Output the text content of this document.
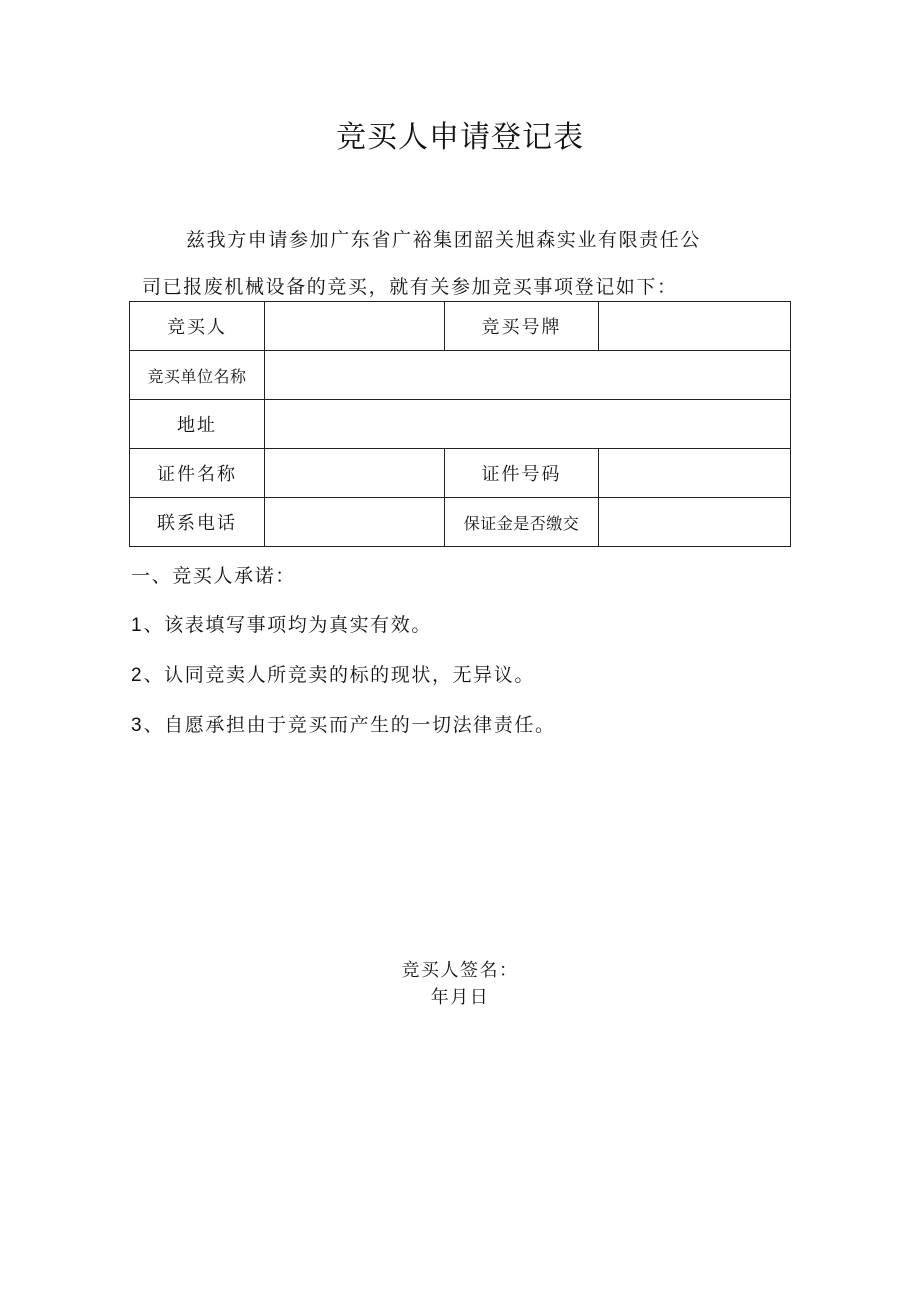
竞买人申请登记表
兹我方申请参加广东省广裕集团韶关旭森实业有限责任公
司已报废机械设备的竞买，就有关参加竞买事项登记如下：
竞买人		竞买号牌	
竞买单位名称			
地址			
证件名称		证件号码	
联系电话		保证金是否缴交	
一、竞买人承诺：
1 、该表填写事项均为真实有效。
2 、认同竞卖人所竞卖的标的现状，无异议。
3 、自愿承担由于竞买而产生的一切法律责任。
竞买人签名：
年月日
